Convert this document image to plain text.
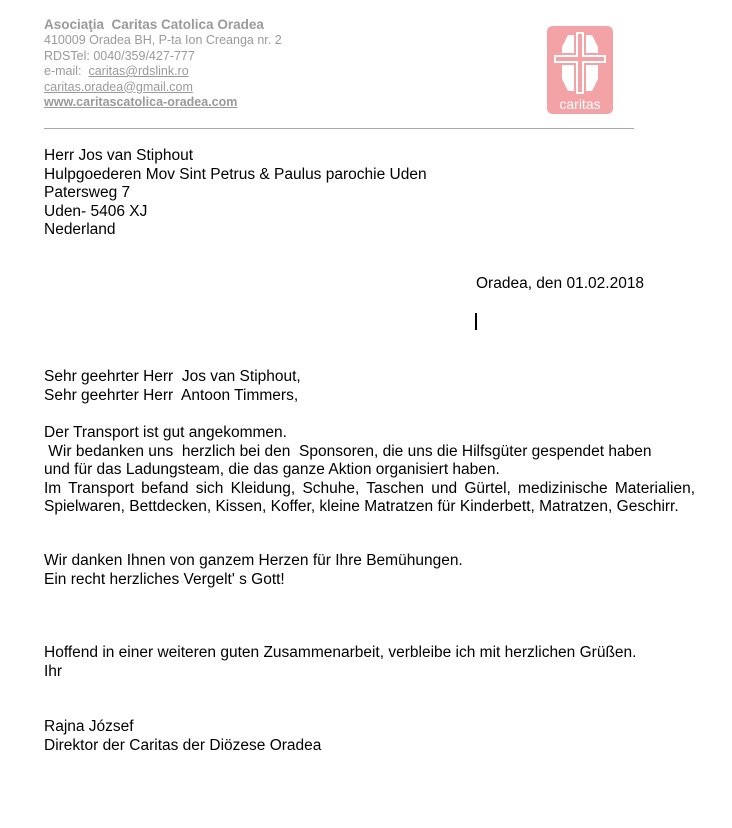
Asociaţia  Caritas Catolica Oradea
410009 Oradea BH, P-ta Ion Creanga nr. 2
RDSTel: 0040/359/427-777
e-mail:  caritas@rdslink.ro
caritas.oradea@gmail.com
www.caritascatolica-oradea.com	caritas
Herr Jos van Stiphout
Hulpgoederen Mov Sint Petrus & Paulus parochie Uden
Patersweg 7
Uden- 5406 XJ
Nederland
Oradea, den 01.02.2018
Sehr geehrter Herr  Jos van Stiphout,
Sehr geehrter Herr  Antoon Timmers,
Der Transport ist gut angekommen.
Wir bedanken uns  herzlich bei den  Sponsoren, die uns die Hilfsgüter gespendet haben
und für das Ladungsteam, die das ganze Aktion organisiert haben.
Im Transport befand sich Kleidung, Schuhe, Taschen und Gürtel, medizinische Materialien, Spielwaren, Bettdecken, Kissen, Koffer, kleine Matratzen für Kinderbett, Matratzen, Geschirr.
Wir danken Ihnen von ganzem Herzen für Ihre Bemühungen.
Ein recht herzliches Vergelt' s Gott!
Hoffend in einer weiteren guten Zusammenarbeit, verbleibe ich mit herzlichen Grüßen.
Ihr
Rajna József
Direktor der Caritas der Diözese Oradea
